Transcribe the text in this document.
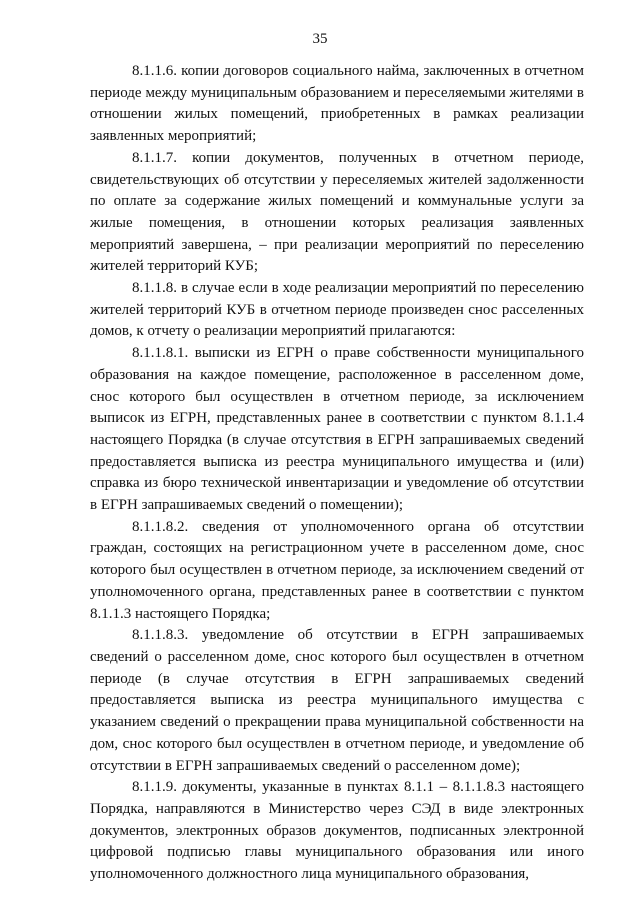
35

8.1.1.6. копии договоров социального найма, заключенных в отчетном периоде между муниципальным образованием и переселяемыми жителями в отношении жилых помещений, приобретенных в рамках реализации заявленных мероприятий;

8.1.1.7. копии документов, полученных в отчетном периоде, свидетельствующих об отсутствии у переселяемых жителей задолженности по оплате за содержание жилых помещений и коммунальные услуги за жилые помещения, в отношении которых реализация заявленных мероприятий завершена, – при реализации мероприятий по переселению жителей территорий КУБ;

8.1.1.8. в случае если в ходе реализации мероприятий по переселению жителей территорий КУБ в отчетном периоде произведен снос расселенных домов, к отчету о реализации мероприятий прилагаются:

8.1.1.8.1. выписки из ЕГРН о праве собственности муниципального образования на каждое помещение, расположенное в расселенном доме, снос которого был осуществлен в отчетном периоде, за исключением выписок из ЕГРН, представленных ранее в соответствии с пунктом 8.1.1.4 настоящего Порядка (в случае отсутствия в ЕГРН запрашиваемых сведений предоставляется выписка из реестра муниципального имущества и (или) справка из бюро технической инвентаризации и уведомление об отсутствии в ЕГРН запрашиваемых сведений о помещении);

8.1.1.8.2. сведения от уполномоченного органа об отсутствии граждан, состоящих на регистрационном учете в расселенном доме, снос которого был осуществлен в отчетном периоде, за исключением сведений от уполномоченного органа, представленных ранее в соответствии с пунктом 8.1.1.3 настоящего Порядка;

8.1.1.8.3. уведомление об отсутствии в ЕГРН запрашиваемых сведений о расселенном доме, снос которого был осуществлен в отчетном периоде (в случае отсутствия в ЕГРН запрашиваемых сведений предоставляется выписка из реестра муниципального имущества с указанием сведений о прекращении права муниципальной собственности на дом, снос которого был осуществлен в отчетном периоде, и уведомление об отсутствии в ЕГРН запрашиваемых сведений о расселенном доме);

8.1.1.9. документы, указанные в пунктах 8.1.1 – 8.1.1.8.3 настоящего Порядка, направляются в Министерство через СЭД в виде электронных документов, электронных образов документов, подписанных электронной цифровой подписью главы муниципального образования или иного уполномоченного должностного лица муниципального образования,
